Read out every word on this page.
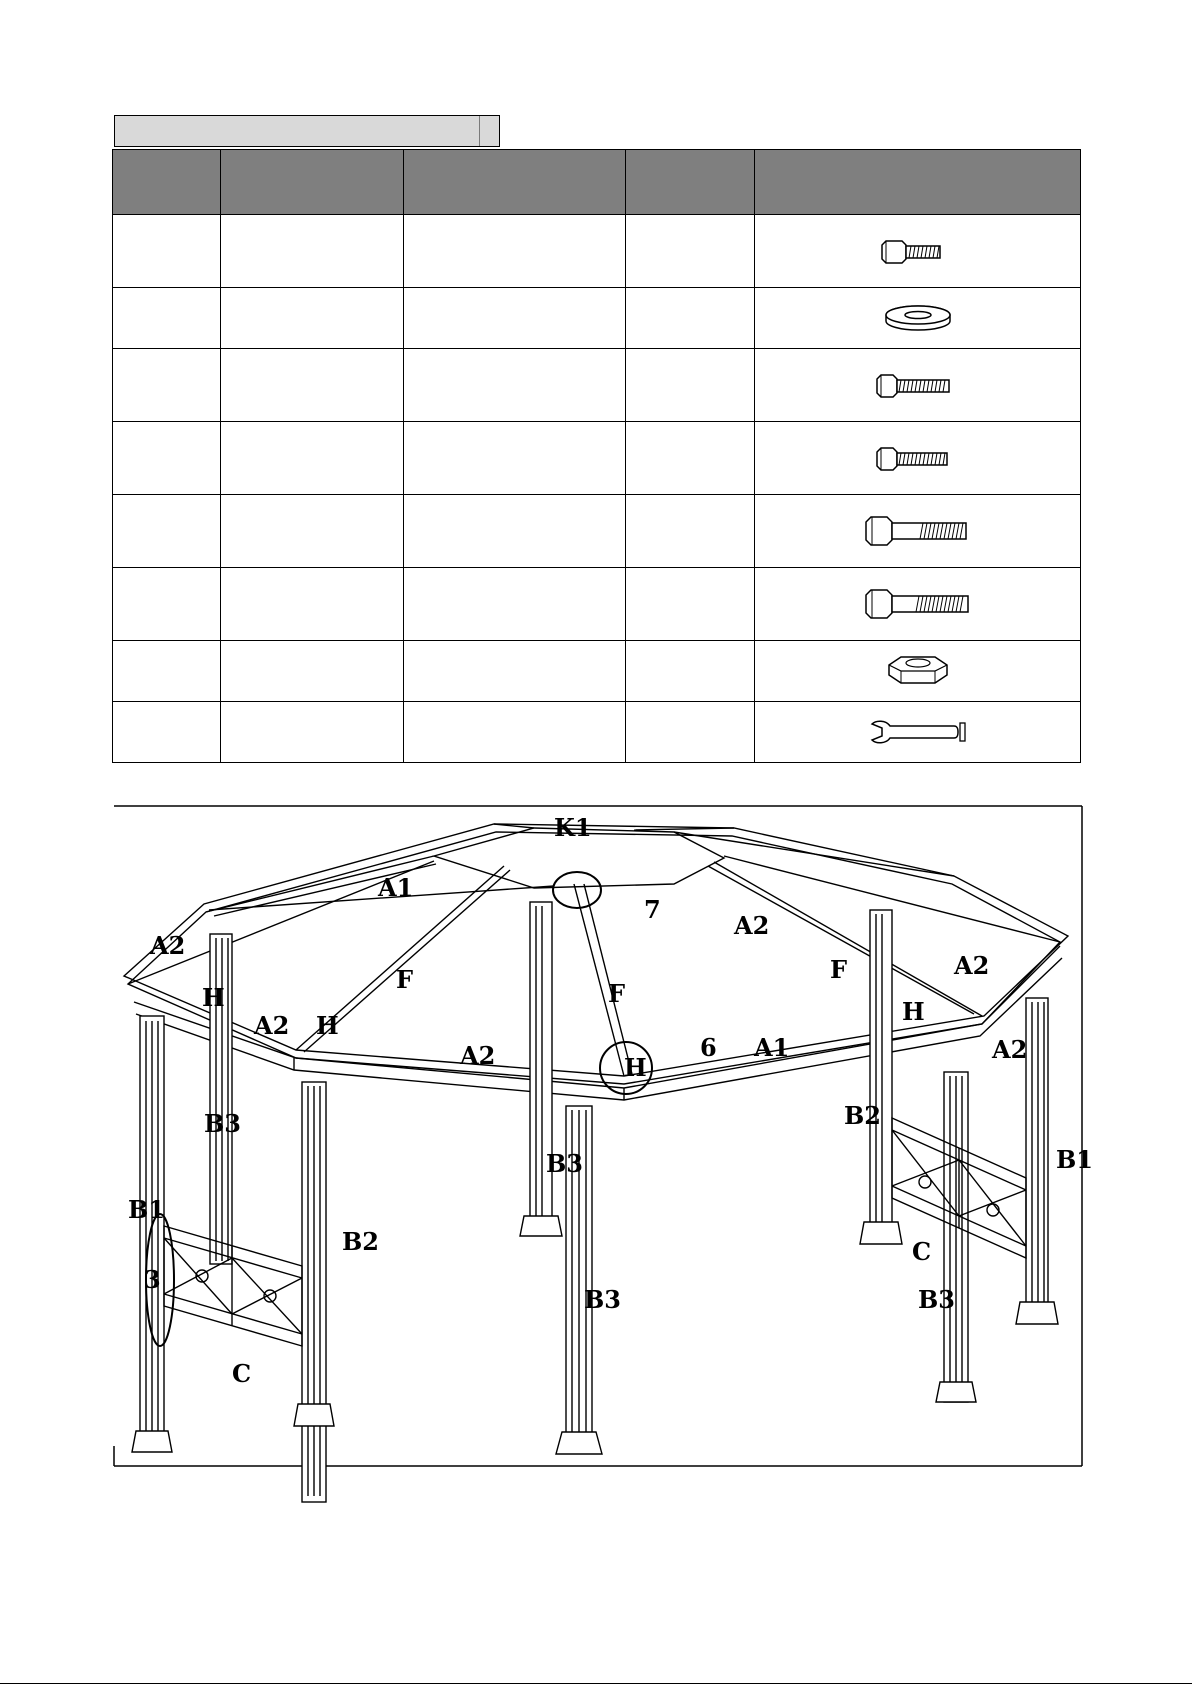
K1
A1
7
A2
A2
F	F
F	A2
H
A2 H
A2	H
6 A1
H
A2
B3	B2
B1
B3
B1
B2	C
3
B3	B3
C
